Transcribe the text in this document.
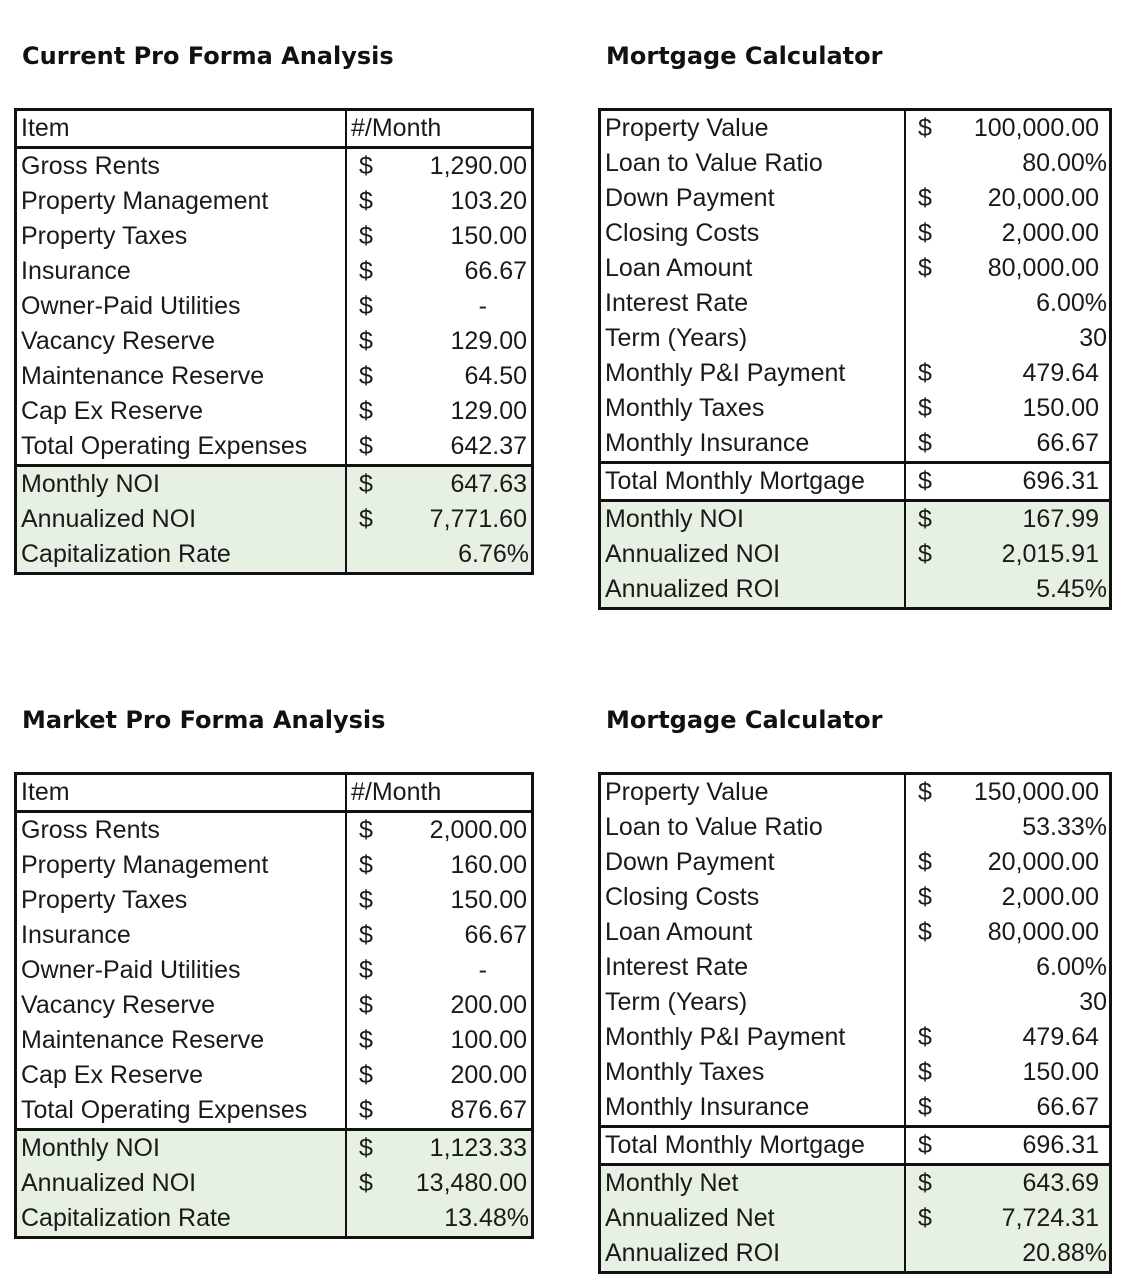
Current Pro Forma Analysis
Item	#/Month
Gross Rents	$	1,290.00
Property Management	$	103.20
Property Taxes	$	150.00
Insurance	$	66.67
Owner-Paid Utilities	$	-
Vacancy Reserve	$	129.00
Maintenance Reserve	$	64.50
Cap Ex Reserve	$	129.00
Total Operating Expenses	$	642.37
Monthly NOI	$	647.63
Annualized NOI	$	7,771.60
Capitalization Rate	6.76%
Mortgage Calculator
Property Value	$	100,000.00
Loan to Value Ratio	80.00%
Down Payment	$	20,000.00
Closing Costs	$	2,000.00
Loan Amount	$	80,000.00
Interest Rate	6.00%
Term (Years)	30
Monthly P&I Payment	$	479.64
Monthly Taxes	$	150.00
Monthly Insurance	$	66.67
Total Monthly Mortgage	$	696.31
Monthly NOI	$	167.99
Annualized NOI	$	2,015.91
Annualized ROI	5.45%
Market Pro Forma Analysis
Item	#/Month
Gross Rents	$	2,000.00
Property Management	$	160.00
Property Taxes	$	150.00
Insurance	$	66.67
Owner-Paid Utilities	$	-
Vacancy Reserve	$	200.00
Maintenance Reserve	$	100.00
Cap Ex Reserve	$	200.00
Total Operating Expenses	$	876.67
Monthly NOI	$	1,123.33
Annualized NOI	$	13,480.00
Capitalization Rate	13.48%
Mortgage Calculator
Property Value	$	150,000.00
Loan to Value Ratio	53.33%
Down Payment	$	20,000.00
Closing Costs	$	2,000.00
Loan Amount	$	80,000.00
Interest Rate	6.00%
Term (Years)	30
Monthly P&I Payment	$	479.64
Monthly Taxes	$	150.00
Monthly Insurance	$	66.67
Total Monthly Mortgage	$	696.31
Monthly Net	$	643.69
Annualized Net	$	7,724.31
Annualized ROI	20.88%
